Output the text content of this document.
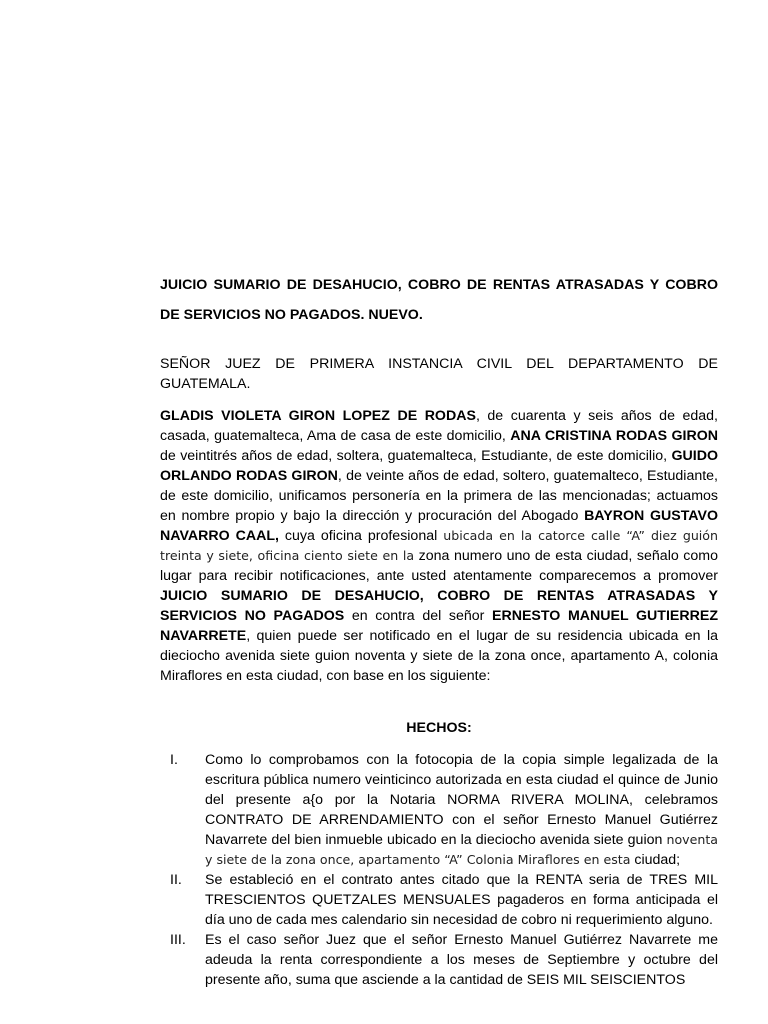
JUICIO SUMARIO DE DESAHUCIO, COBRO DE RENTAS ATRASADAS Y COBRO DE SERVICIOS NO PAGADOS. NUEVO.
SEÑOR JUEZ DE PRIMERA INSTANCIA CIVIL DEL DEPARTAMENTO DE GUATEMALA.
GLADIS VIOLETA GIRON LOPEZ DE RODAS, de cuarenta y seis años de edad, casada, guatemalteca, Ama de casa de este domicilio, ANA CRISTINA RODAS GIRON de veintitrés años de edad, soltera, guatemalteca, Estudiante, de este domicilio, GUIDO ORLANDO RODAS GIRON, de veinte años de edad, soltero, guatemalteco, Estudiante, de este domicilio, unificamos personería en la primera de las mencionadas; actuamos en nombre propio y bajo la dirección y procuración del Abogado BAYRON GUSTAVO NAVARRO CAAL, cuya oficina profesional ubicada en la catorce calle “A” diez guión treinta y siete, oficina ciento siete en la zona numero uno de esta ciudad, señalo como lugar para recibir notificaciones, ante usted atentamente comparecemos a promover JUICIO SUMARIO DE DESAHUCIO, COBRO DE RENTAS ATRASADAS Y SERVICIOS NO PAGADOS en contra del señor ERNESTO MANUEL GUTIERREZ NAVARRETE, quien puede ser notificado en el lugar de su residencia ubicada en la dieciocho avenida siete guion noventa y siete de la zona once, apartamento A, colonia Miraflores en esta ciudad, con base en los siguiente:
HECHOS:
I.	Como lo comprobamos con la fotocopia de la copia simple legalizada de la escritura pública numero veinticinco autorizada en esta ciudad el quince de Junio del presente a{o por la Notaria NORMA RIVERA MOLINA, celebramos CONTRATO DE ARRENDAMIENTO con el señor Ernesto Manuel Gutiérrez Navarrete del bien inmueble ubicado en la dieciocho avenida siete guion noventa y siete de la zona once, apartamento “A” Colonia Miraflores en esta ciudad;
II.	Se estableció en el contrato antes citado que la RENTA seria de TRES MIL TRESCIENTOS QUETZALES MENSUALES pagaderos en forma anticipada el día uno de cada mes calendario sin necesidad de cobro ni requerimiento alguno.
III.	Es el caso señor Juez que el señor Ernesto Manuel Gutiérrez Navarrete me adeuda la renta correspondiente a los meses de Septiembre y octubre del presente año, suma que asciende a la cantidad de SEIS MIL SEISCIENTOS
